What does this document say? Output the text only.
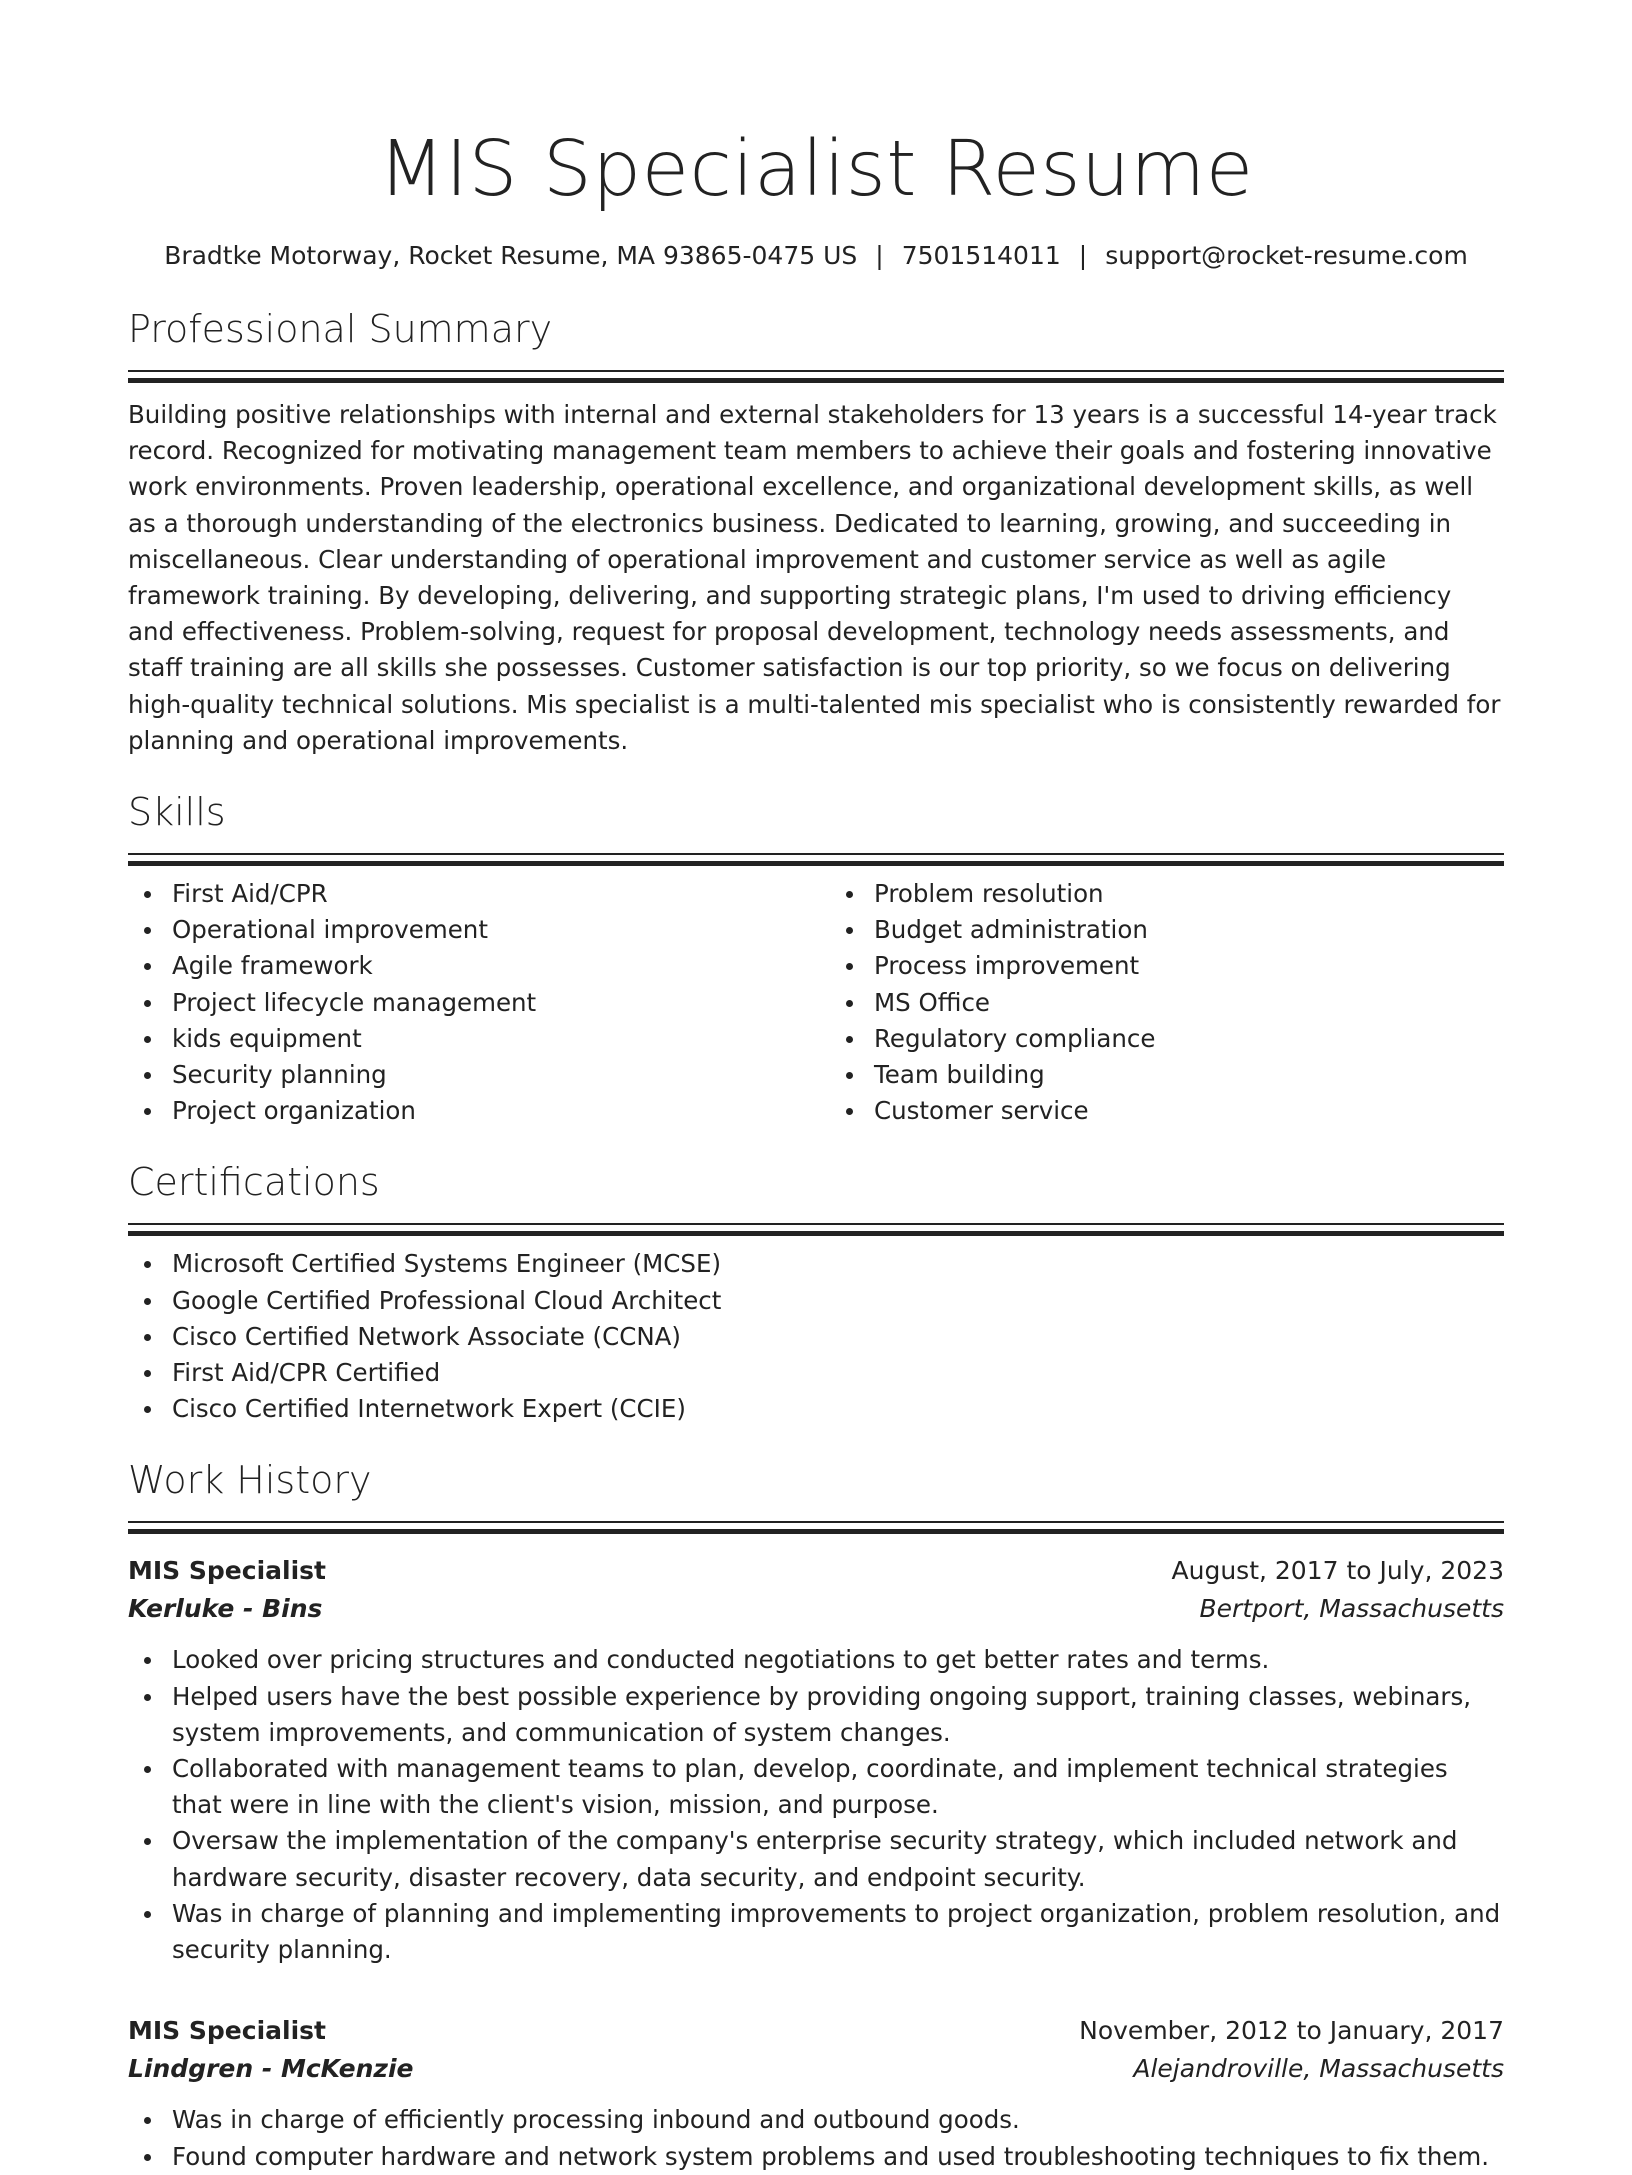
MIS Specialist Resume
Bradtke Motorway, Rocket Resume, MA 93865-0475 US | 7501514011 | support@rocket-resume.com
Professional Summary

Building positive relationships with internal and external stakeholders for 13 years is a successful 14-year track record. Recognized for motivating management team members to achieve their goals and fostering innovative work environments. Proven leadership, operational excellence, and organizational development skills, as well as a thorough understanding of the electronics business. Dedicated to learning, growing, and succeeding in miscellaneous. Clear understanding of operational improvement and customer service as well as agile framework training. By developing, delivering, and supporting strategic plans, I'm used to driving efficiency and effectiveness. Problem-solving, request for proposal development, technology needs assessments, and staff training are all skills she possesses. Customer satisfaction is our top priority, so we focus on delivering high-quality technical solutions. Mis specialist is a multi-talented mis specialist who is consistently rewarded for planning and operational improvements.

Skills
First Aid/CPR
Operational improvement
Agile framework
Project lifecycle management
kids equipment
Security planning
Project organization
Problem resolution
Budget administration
Process improvement
MS Office
Regulatory compliance
Team building
Customer service
Certifications
Microsoft Certified Systems Engineer (MCSE)
Google Certified Professional Cloud Architect
Cisco Certified Network Associate (CCNA)
First Aid/CPR Certified
Cisco Certified Internetwork Expert (CCIE)
Work History
MIS Specialist	August, 2017 to July, 2023
Kerluke - Bins	Bertport, Massachusetts
Looked over pricing structures and conducted negotiations to get better rates and terms.
Helped users have the best possible experience by providing ongoing support, training classes, webinars, system improvements, and communication of system changes.
Collaborated with management teams to plan, develop, coordinate, and implement technical strategies that were in line with the client's vision, mission, and purpose.
Oversaw the implementation of the company's enterprise security strategy, which included network and hardware security, disaster recovery, data security, and endpoint security.
Was in charge of planning and implementing improvements to project organization, problem resolution, and security planning.
MIS Specialist	November, 2012 to January, 2017
Lindgren - McKenzie	Alejandroville, Massachusetts
Was in charge of efficiently processing inbound and outbound goods.
Found computer hardware and network system problems and used troubleshooting techniques to fix them.
